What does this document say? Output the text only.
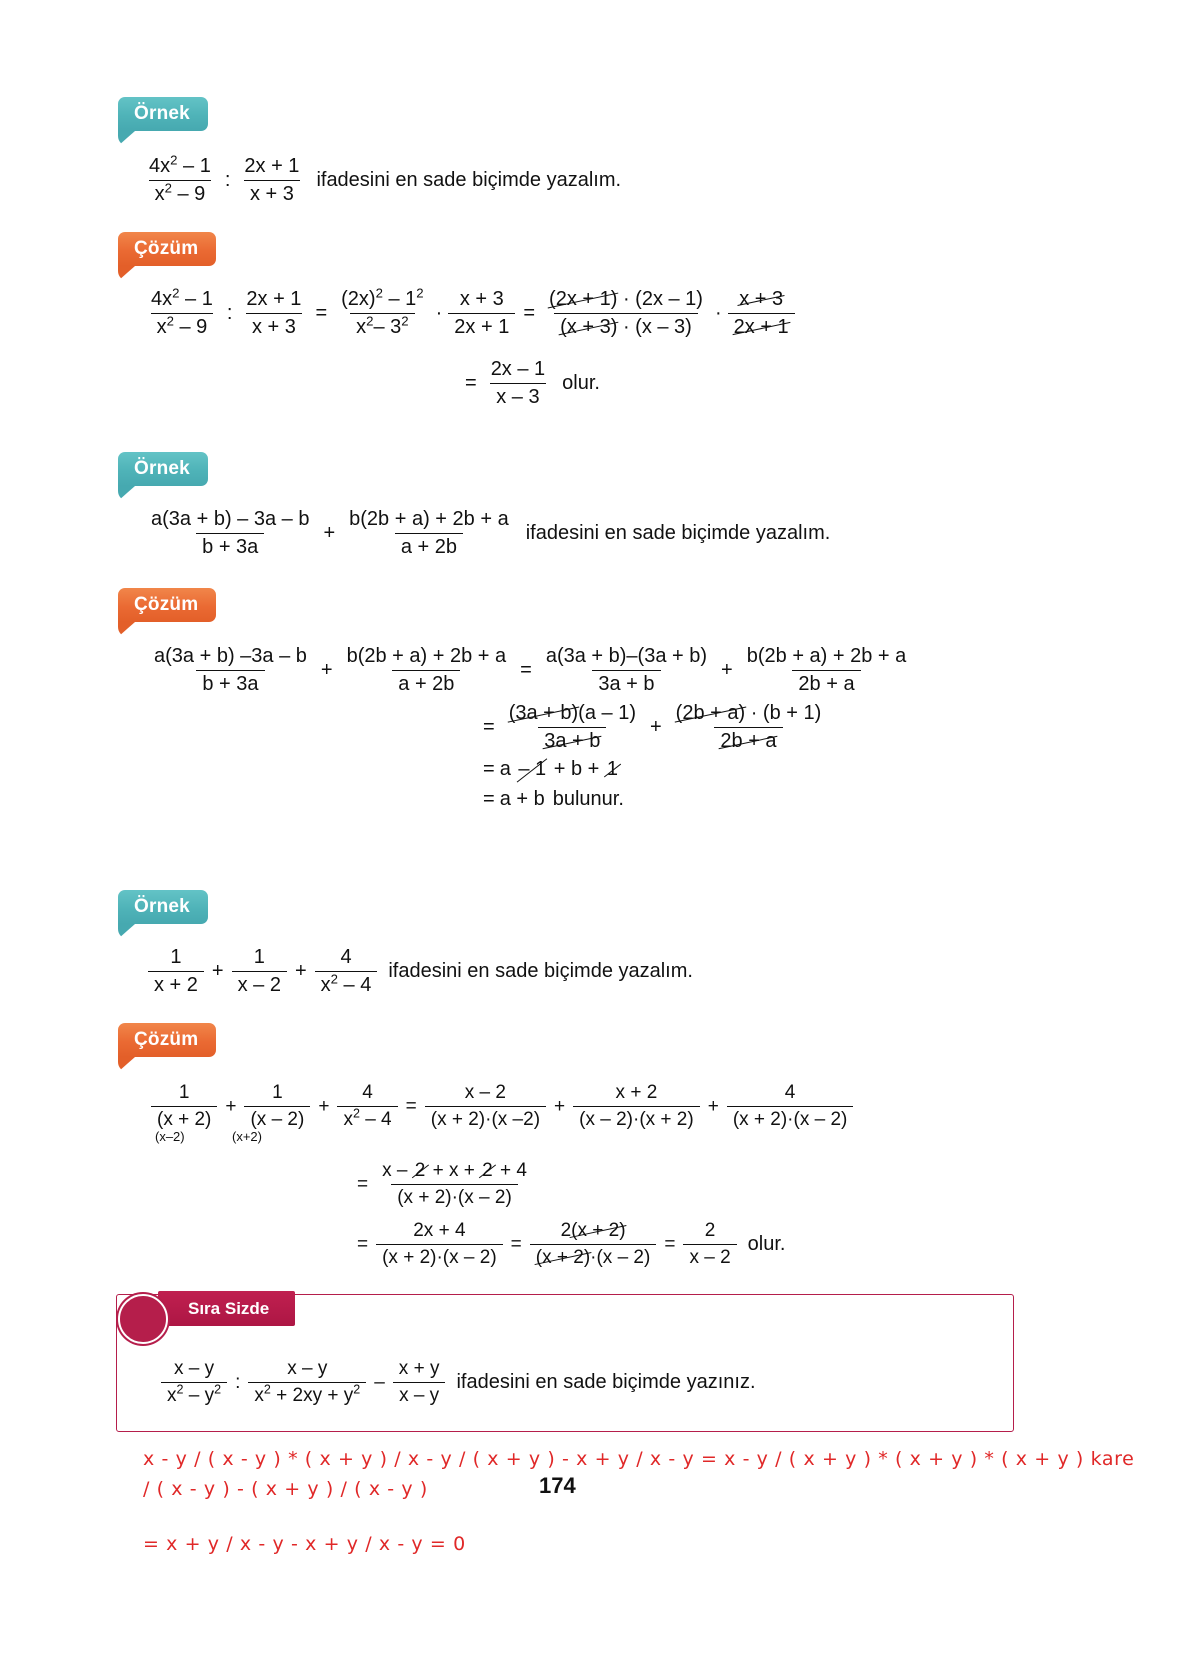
Örnek
$\frac{4x^2 - 1}{x^2 - 9}$ : $\frac{2x + 1}{x + 3}$ ifadesini en sade biçimde yazalım.
Çözüm
$\frac{4x^2 - 1}{x^2 - 9}$ : $\frac{2x + 1}{x + 3} = \frac{(2x)^2 - 1^2}{x^2- 3^2} \cdot \frac{x + 3}{2x + 1} = \frac{(2x + 1) \cdot (2x - 1)}{(x + 3) \cdot (x - 3)} \cdot \frac{x + 3}{2x + 1}$
= $\frac{2x - 1}{x - 3}$ olur.
Örnek
$\frac{a(3a + b) - 3a - b}{b + 3a} + \frac{b(2b + a) + 2b + a}{a + 2b}$ ifadesini en sade biçimde yazalım.
Çözüm
$\frac{a(3a + b) -3a - b}{b + 3a} + \frac{b(2b + a) + 2b + a}{a + 2b} = \frac{a(3a + b)-(3a + b)}{3a + b} + \frac{b(2b + a) + 2b + a}{2b + a}$
= $\frac{(3a + b)(a - 1)}{3a + b} + \frac{(2b + a) \cdot (b + 1)}{2b + a}$
= a – 1 + b + 1
= a + b bulunur.
Örnek
$\frac{1}{x + 2} + \frac{1}{x - 2} + \frac{4}{x^2 - 4}$ ifadesini en sade biçimde yazalım.
Çözüm
$\frac{1}{(x + 2)} + \frac{1}{(x - 2)} + \frac{4}{x^2 - 4} = \frac{x - 2}{(x + 2)\cdot(x -2)} + \frac{x + 2}{(x - 2)\cdot(x + 2)} + \frac{4}{(x + 2)\cdot(x - 2)}$
(x–2)	(x+2)
= $\frac{x - 2 + x + 2 + 4}{(x + 2)\cdot(x - 2)}$
= $\frac{2x + 4}{(x + 2)\cdot(x - 2)} = \frac{2(x + 2)}{(x + 2)\cdot(x - 2)} = \frac{2}{x - 2}$ olur.
Sıra Sizde
$\frac{x - y}{x^2 - y^2}$ : $\frac{x - y}{x^2 + 2xy + y^2} - \frac{x + y}{x - y}$ ifadesini en sade biçimde yazınız.
x - y / ( x - y ) * ( x + y ) / x - y / ( x + y ) - x + y / x - y = x - y / ( x + y ) * ( x + y ) * ( x + y ) kare
/ ( x - y ) - ( x + y ) / ( x - y )
= x + y / x - y - x + y / x - y = 0
174
